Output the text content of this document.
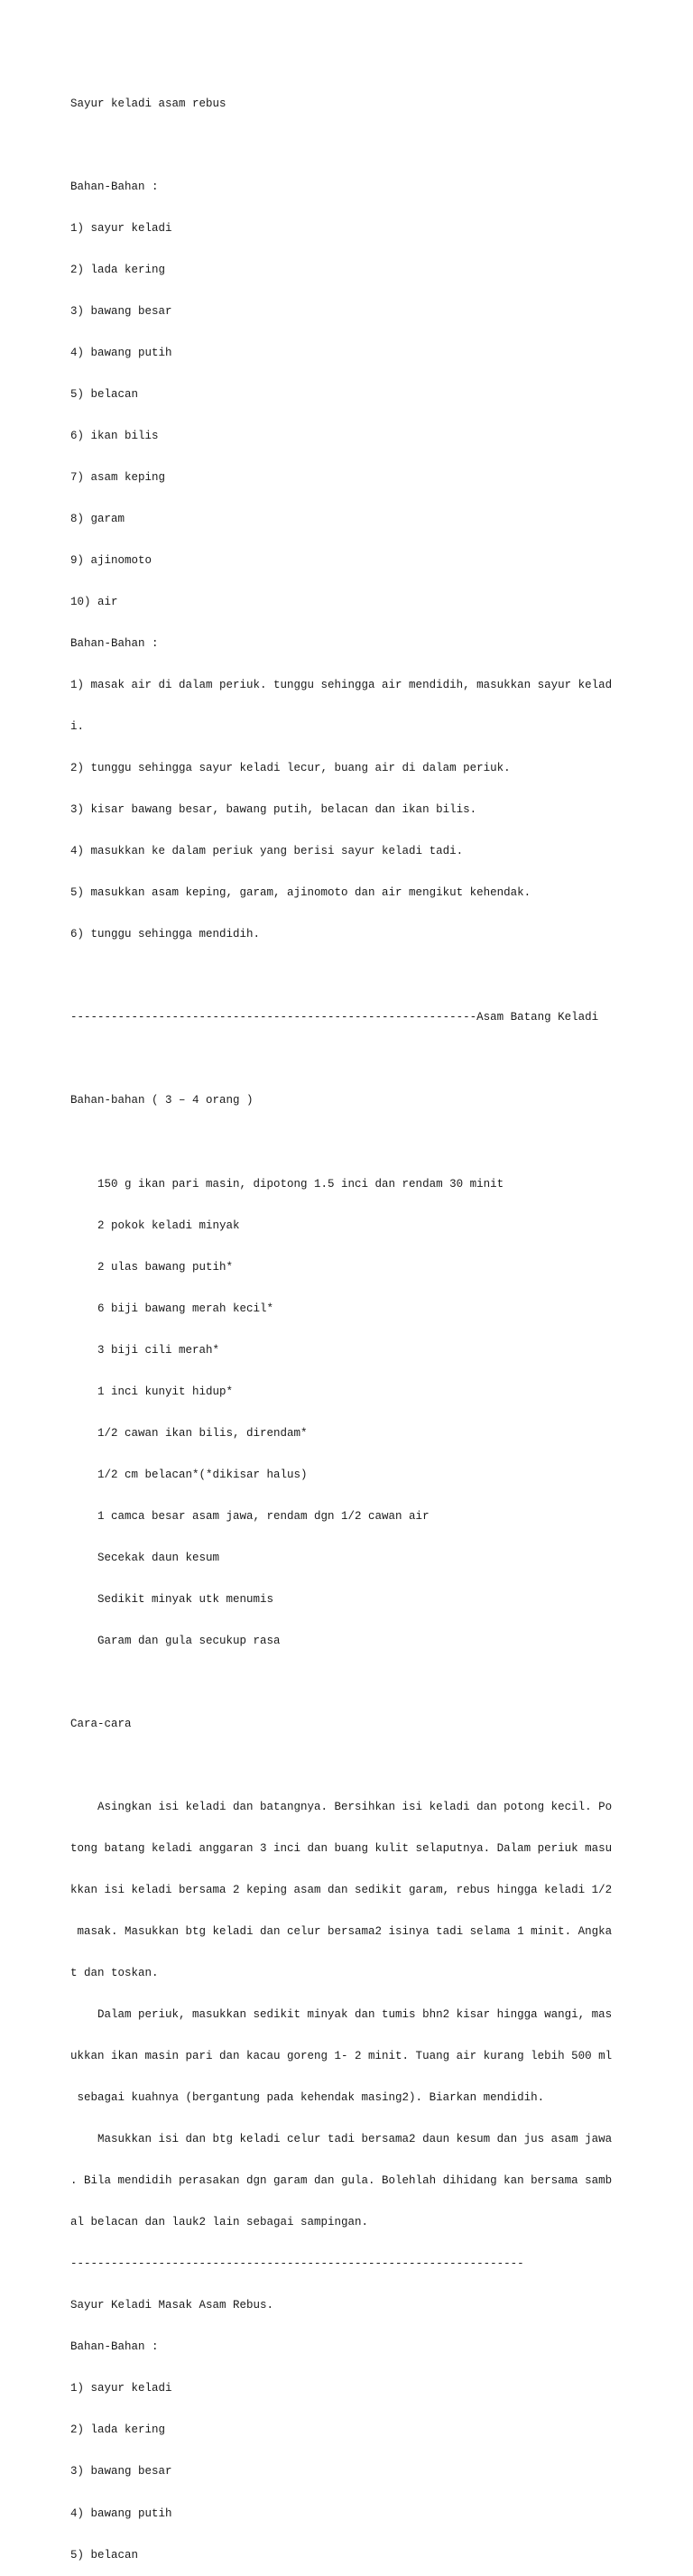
Sayur keladi asam rebus

Bahan-Bahan :

1) sayur keladi

2) lada kering

3) bawang besar

4) bawang putih

5) belacan

6) ikan bilis

7) asam keping

8) garam

9) ajinomoto

10) air

Bahan-Bahan :

1) masak air di dalam periuk. tunggu sehingga air mendidih, masukkan sayur kelad

i.

2) tunggu sehingga sayur keladi lecur, buang air di dalam periuk.

3) kisar bawang besar, bawang putih, belacan dan ikan bilis.

4) masukkan ke dalam periuk yang berisi sayur keladi tadi.

5) masukkan asam keping, garam, ajinomoto dan air mengikut kehendak.

6) tunggu sehingga mendidih.

------------------------------------------------------------Asam Batang Keladi

Bahan-bahan ( 3 – 4 orang )

150 g ikan pari masin, dipotong 1.5 inci dan rendam 30 minit

2 pokok keladi minyak

2 ulas bawang putih*

6 biji bawang merah kecil*

3 biji cili merah*

1 inci kunyit hidup*

1/2 cawan ikan bilis, direndam*

1/2 cm belacan*(*dikisar halus)

1 camca besar asam jawa, rendam dgn 1/2 cawan air

Secekak daun kesum

Sedikit minyak utk menumis

Garam dan gula secukup rasa

Cara-cara

Asingkan isi keladi dan batangnya. Bersihkan isi keladi dan potong kecil. Po

tong batang keladi anggaran 3 inci dan buang kulit selaputnya. Dalam periuk masu

kkan isi keladi bersama 2 keping asam dan sedikit garam, rebus hingga keladi 1/2

masak. Masukkan btg keladi dan celur bersama2 isinya tadi selama 1 minit. Angka

t dan toskan.

Dalam periuk, masukkan sedikit minyak dan tumis bhn2 kisar hingga wangi, mas

ukkan ikan masin pari dan kacau goreng 1- 2 minit. Tuang air kurang lebih 500 ml

sebagai kuahnya (bergantung pada kehendak masing2). Biarkan mendidih.

Masukkan isi dan btg keladi celur tadi bersama2 daun kesum dan jus asam jawa

. Bila mendidih perasakan dgn garam dan gula. Bolehlah dihidang kan bersama samb

al belacan dan lauk2 lain sebagai sampingan.

-------------------------------------------------------------------

Sayur Keladi Masak Asam Rebus.

Bahan-Bahan :

1) sayur keladi

2) lada kering

3) bawang besar

4) bawang putih

5) belacan
